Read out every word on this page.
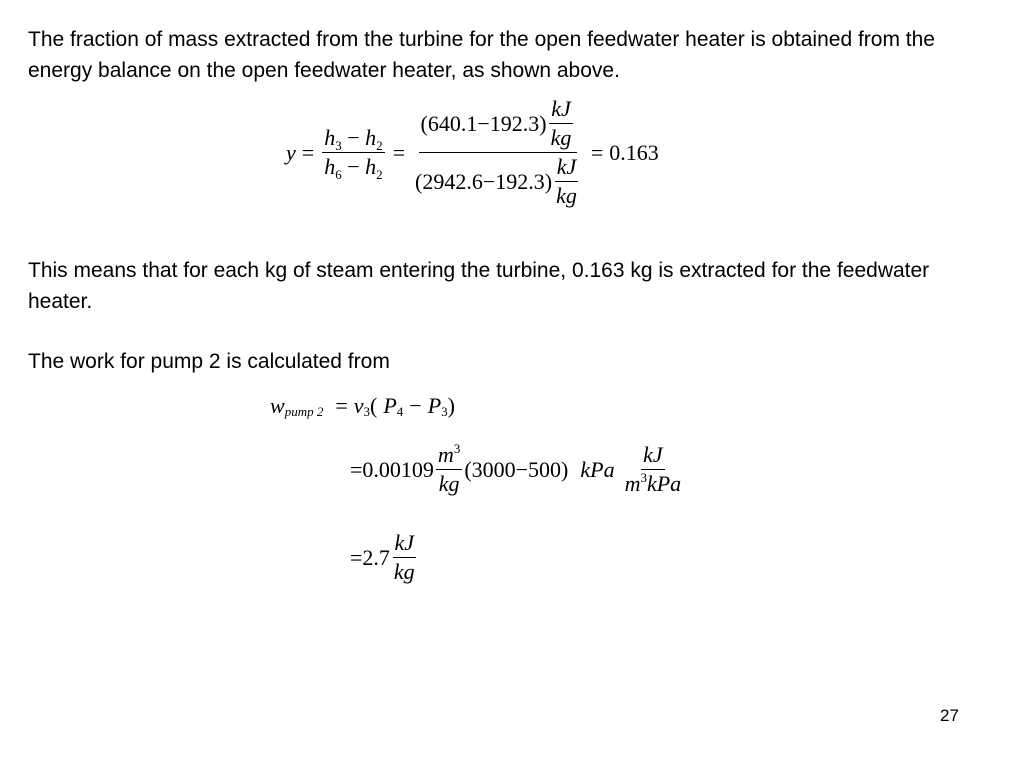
The fraction of mass extracted from the turbine for the open feedwater heater is obtained from the energy balance on the open feedwater heater, as shown above.

$y = \frac{h_3 - h_2}{h_6 - h_2} = \frac{(640.1-192.3) \frac{kJ}{kg}}{(2942.6-192.3) \frac{kJ}{kg}} = 0.163$

This means that for each kg of steam entering the turbine, 0.163 kg is extracted for the feedwater heater.

The work for pump 2 is calculated from

w pump 2 = v 3 ( P 4 − P 3 )
= $0.00109 \frac{m^3}{kg} (3000-500)$ kPa $\frac{kJ}{m^3kPa}$
= $2.7 \frac{kJ}{kg}$
27
